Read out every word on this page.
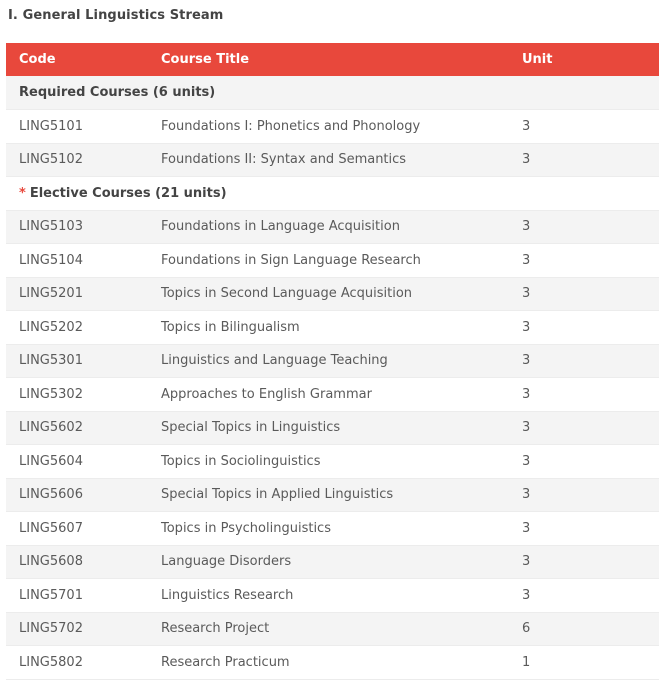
I. General Linguistics Stream
Code	Course Title	Unit
Required Courses (6 units)		
LING5101	Foundations I: Phonetics and Phonology	3
LING5102	Foundations II: Syntax and Semantics	3
* Elective Courses (21 units)		
LING5103	Foundations in Language Acquisition	3
LING5104	Foundations in Sign Language Research	3
LING5201	Topics in Second Language Acquisition	3
LING5202	Topics in Bilingualism	3
LING5301	Linguistics and Language Teaching	3
LING5302	Approaches to English Grammar	3
LING5602	Special Topics in Linguistics	3
LING5604	Topics in Sociolinguistics	3
LING5606	Special Topics in Applied Linguistics	3
LING5607	Topics in Psycholinguistics	3
LING5608	Language Disorders	3
LING5701	Linguistics Research	3
LING5702	Research Project	6
LING5802	Research Practicum	1
